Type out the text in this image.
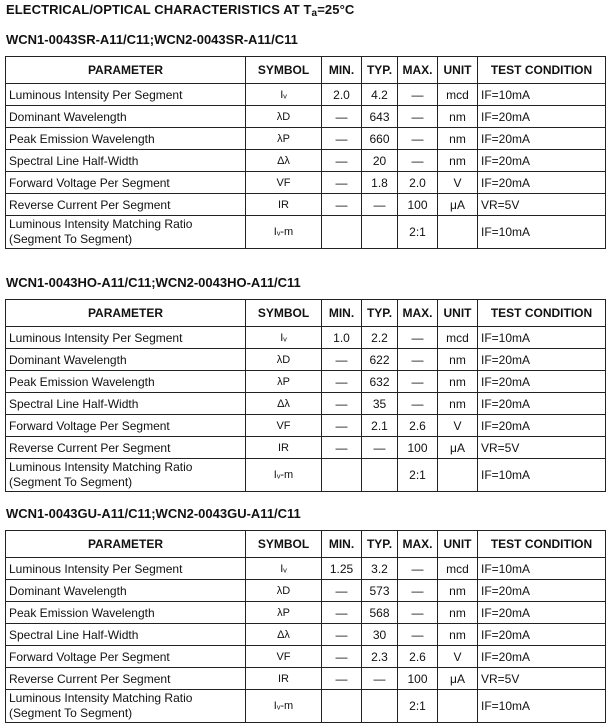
ELECTRICAL/OPTICAL CHARACTERISTICS AT Ta=25°C
WCN1-0043SR-A11/C11;WCN2-0043SR-A11/C11
PARAMETER	SYMBOL	MIN.	TYP.	MAX.	UNIT	TEST CONDITION
Luminous Intensity Per Segment	Iᵥ	2.0	4.2	—	mcd	IF=10mA
Dominant Wavelength	λD	—	643	—	nm	IF=20mA
Peak Emission Wavelength	λP	—	660	—	nm	IF=20mA
Spectral Line Half-Width	Δλ	—	20	—	nm	IF=20mA
Forward Voltage Per Segment	VF	—	1.8	2.0	V	IF=20mA
Reverse Current Per Segment	IR	—	—	100	μA	VR=5V
Luminous Intensity Matching Ratio (Segment To Segment)	Iᵥ-m			2:1		IF=10mA
WCN1-0043HO-A11/C11;WCN2-0043HO-A11/C11
PARAMETER	SYMBOL	MIN.	TYP.	MAX.	UNIT	TEST CONDITION
Luminous Intensity Per Segment	Iᵥ	1.0	2.2	—	mcd	IF=10mA
Dominant Wavelength	λD	—	622	—	nm	IF=20mA
Peak Emission Wavelength	λP	—	632	—	nm	IF=20mA
Spectral Line Half-Width	Δλ	—	35	—	nm	IF=20mA
Forward Voltage Per Segment	VF	—	2.1	2.6	V	IF=20mA
Reverse Current Per Segment	IR	—	—	100	μA	VR=5V
Luminous Intensity Matching Ratio (Segment To Segment)	Iᵥ-m			2:1		IF=10mA
WCN1-0043GU-A11/C11;WCN2-0043GU-A11/C11
PARAMETER	SYMBOL	MIN.	TYP.	MAX.	UNIT	TEST CONDITION
Luminous Intensity Per Segment	Iᵥ	1.25	3.2	—	mcd	IF=10mA
Dominant Wavelength	λD	—	573	—	nm	IF=20mA
Peak Emission Wavelength	λP	—	568	—	nm	IF=20mA
Spectral Line Half-Width	Δλ	—	30	—	nm	IF=20mA
Forward Voltage Per Segment	VF	—	2.3	2.6	V	IF=20mA
Reverse Current Per Segment	IR	—	—	100	μA	VR=5V
Luminous Intensity Matching Ratio (Segment To Segment)	Iᵥ-m			2:1		IF=10mA
